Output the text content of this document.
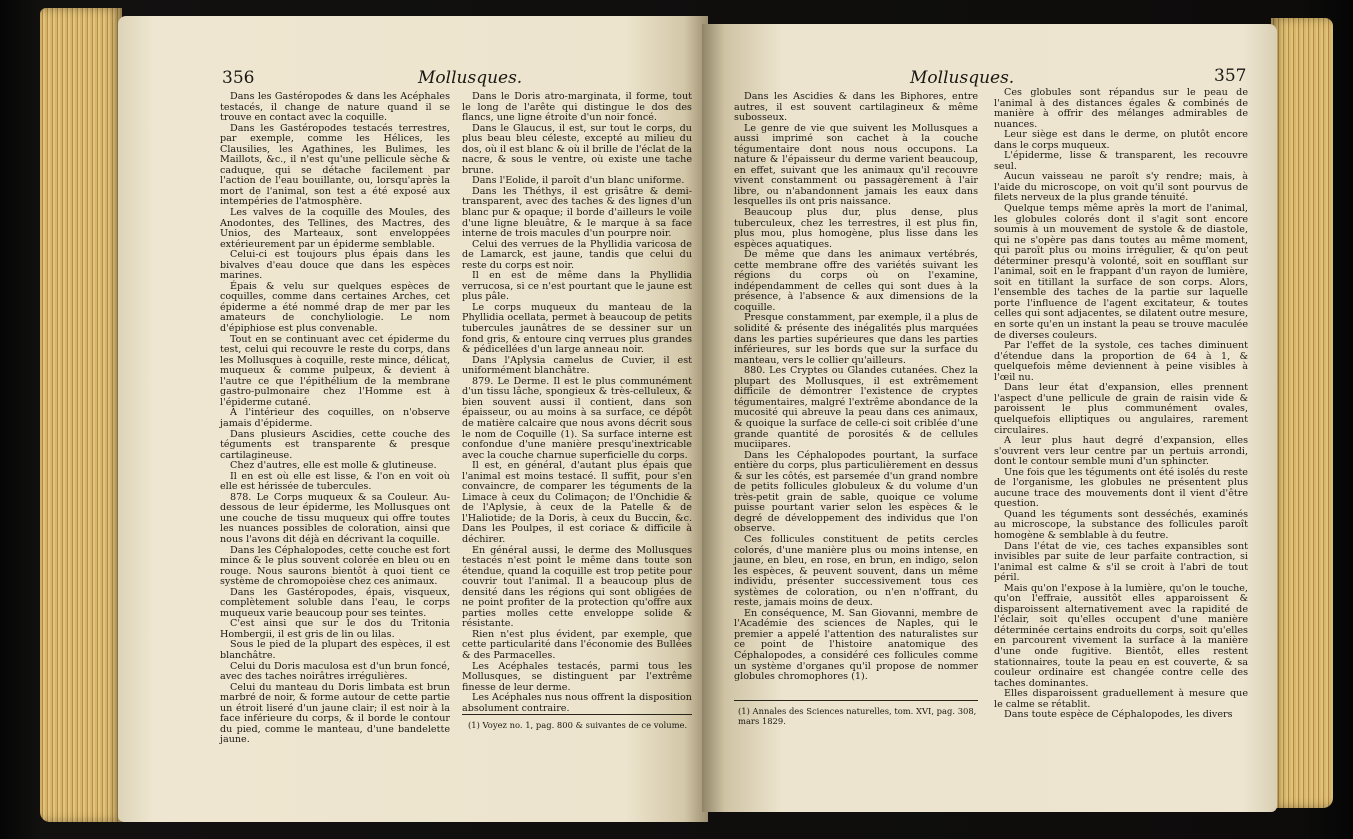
356	Mollusques.

Dans les Gastéropodes & dans les Acéphales testacés, il change de nature quand il se trouve en contact avec la coquille.

Dans les Gastéropodes testacés terrestres, par exemple, comme les Hélices, les Clausilies, les Agathines, les Bulimes, les Maillots, &c., il n'est qu'une pellicule sèche & caduque, qui se détache facilement par l'action de l'eau bouillante, ou, lorsqu'après la mort de l'animal, son test a été exposé aux intempéries de l'atmosphère.

Les valves de la coquille des Moules, des Anodontes, des Tellines, des Mactres, des Unios, des Marteaux, sont enveloppées extérieurement par un épiderme semblable.

Celui-ci est toujours plus épais dans les bivalves d'eau douce que dans les espèces marines.

Épais & velu sur quelques espèces de coquilles, comme dans certaines Arches, cet épiderme a été nommé drap de mer par les amateurs de conchyliologie. Le nom d'épiphiose est plus convenable.

Tout en se continuant avec cet épiderme du test, celui qui recouvre le reste du corps, dans les Mollusques à coquille, reste mince, délicat, muqueux & comme pulpeux, & devient à l'autre ce que l'épithélium de la membrane gastro-pulmonaire chez l'Homme est à l'épiderme cutané.

A l'intérieur des coquilles, on n'observe jamais d'épiderme.

Dans plusieurs Ascidies, cette couche des téguments est transparente & presque cartilagineuse.

Chez d'autres, elle est molle & glutineuse.

Il en est où elle est lisse, & l'on en voit où elle est hérissée de tubercules.

878. Le Corps muqueux & sa Couleur. Au-dessous de leur épiderme, les Mollusques ont une couche de tissu muqueux qui offre toutes les nuances possibles de coloration, ainsi que nous l'avons dit déjà en décrivant la coquille.

Dans les Céphalopodes, cette couche est fort mince & le plus souvent colorée en bleu ou en rouge. Nous saurons bientôt à quoi tient ce système de chromopoièse chez ces animaux.

Dans les Gastéropodes, épais, visqueux, complètement soluble dans l'eau, le corps muqueux varie beaucoup pour ses teintes.

C'est ainsi que sur le dos du Tritonia Hombergii, il est gris de lin ou lilas.

Sous le pied de la plupart des espèces, il est blanchâtre.

Celui du Doris maculosa est d'un brun foncé, avec des taches noirâtres irrégulières.

Celui du manteau du Doris limbata est brun marbré de noir, & forme autour de cette partie un étroit liseré d'un jaune clair; il est noir à la face inférieure du corps, & il borde le contour du pied, comme le manteau, d'une bandelette jaune.

Dans le Doris atro-marginata, il forme, tout le long de l'arête qui distingue le dos des flancs, une ligne étroite d'un noir foncé.

Dans le Glaucus, il est, sur tout le corps, du plus beau bleu céleste, excepté au milieu du dos, où il est blanc & où il brille de l'éclat de la nacre, & sous le ventre, où existe une tache brune.

Dans l'Eolide, il paroît d'un blanc uniforme.

Dans les Théthys, il est grisâtre & demi-transparent, avec des taches & des lignes d'un blanc pur & opaque; il borde d'ailleurs le voile d'une ligne bleuâtre, & le marque à sa face interne de trois macules d'un pourpre noir.

Celui des verrues de la Phyllidia varicosa de de Lamarck, est jaune, tandis que celui du reste du corps est noir.

Il en est de même dans la Phyllidia verrucosa, si ce n'est pourtant que le jaune est plus pâle.

Le corps muqueux du manteau de la Phyllidia ocellata, permet à beaucoup de petits tubercules jaunâtres de se dessiner sur un fond gris, & entoure cinq verrues plus grandes & pédicellées d'un large anneau noir.

Dans l'Aplysia camelus de Cuvier, il est uniformément blanchâtre.

879. Le Derme. Il est le plus communément d'un tissu lâche, spongieux & très-celluleux, & bien souvent aussi il contient, dans son épaisseur, ou au moins à sa surface, ce dépôt de matière calcaire que nous avons décrit sous le nom de Coquille (1). Sa surface interne est confondue d'une manière presqu'inextricable avec la couche charnue superficielle du corps.

Il est, en général, d'autant plus épais que l'animal est moins testacé. Il suffit, pour s'en convaincre, de comparer les téguments de la Limace à ceux du Colimaçon; de l'Onchidie & de l'Aplysie, à ceux de la Patelle & de l'Haliotide; de la Doris, à ceux du Buccin, &c. Dans les Poulpes, il est coriace & difficile à déchirer.

En général aussi, le derme des Mollusques testacés n'est point le même dans toute son étendue, quand la coquille est trop petite pour couvrir tout l'animal. Il a beaucoup plus de densité dans les régions qui sont obligées de ne point profiter de la protection qu'offre aux parties molles cette enveloppe solide & résistante.

Rien n'est plus évident, par exemple, que cette particularité dans l'économie des Bullées & des Parmacelles.

Les Acéphales testacés, parmi tous les Mollusques, se distinguent par l'extrême finesse de leur derme.

Les Acéphales nus nous offrent la disposition absolument contraire.

(1) Voyez no. 1, pag. 800 & suivantes de ce volume.
Mollusques.	357

Dans les Ascidies & dans les Biphores, entre autres, il est souvent cartilagineux & même subosseux.

Le genre de vie que suivent les Mollusques a aussi imprimé son cachet à la couche tégumentaire dont nous nous occupons. La nature & l'épaisseur du derme varient beaucoup, en effet, suivant que les animaux qu'il recouvre vivent constamment ou passagèrement à l'air libre, ou n'abandonnent jamais les eaux dans lesquelles ils ont pris naissance.

Beaucoup plus dur, plus dense, plus tuberculeux, chez les terrestres, il est plus fin, plus mou, plus homogène, plus lisse dans les espèces aquatiques.

De même que dans les animaux vertébrés, cette membrane offre des variétés suivant les régions du corps où on l'examine, indépendamment de celles qui sont dues à la présence, à l'absence & aux dimensions de la coquille.

Presque constamment, par exemple, il a plus de solidité & présente des inégalités plus marquées dans les parties supérieures que dans les parties inférieures, sur les bords que sur la surface du manteau, vers le collier qu'ailleurs.

880. Les Cryptes ou Glandes cutanées. Chez la plupart des Mollusques, il est extrêmement difficile de démontrer l'existence de cryptes tégumentaires, malgré l'extrême abondance de la mucosité qui abreuve la peau dans ces animaux, & quoique la surface de celle-ci soit criblée d'une grande quantité de porosités & de cellules muciipares.

Dans les Céphalopodes pourtant, la surface entière du corps, plus particulièrement en dessus & sur les côtés, est parsemée d'un grand nombre de petits follicules globuleux & du volume d'un très-petit grain de sable, quoique ce volume puisse pourtant varier selon les espèces & le degré de développement des individus que l'on observe.

Ces follicules constituent de petits cercles colorés, d'une manière plus ou moins intense, en jaune, en bleu, en rose, en brun, en indigo, selon les espèces, & peuvent souvent, dans un même individu, présenter successivement tous ces systèmes de coloration, ou n'en n'offrant, du reste, jamais moins de deux.

En conséquence, M. San Giovanni, membre de l'Académie des sciences de Naples, qui le premier a appelé l'attention des naturalistes sur ce point de l'histoire anatomique des Céphalopodes, a considéré ces follicules comme un système d'organes qu'il propose de nommer globules chromophores (1).

(1) Annales des Sciences naturelles, tom. XVI, pag. 308, mars 1829.

Ces globules sont répandus sur le peau de l'animal à des distances égales & combinés de manière à offrir des mélanges admirables de nuances.

Leur siège est dans le derme, on plutôt encore dans le corps muqueux.

L'épiderme, lisse & transparent, les recouvre seul.

Aucun vaisseau ne paroît s'y rendre; mais, à l'aide du microscope, on voit qu'il sont pourvus de filets nerveux de la plus grande ténuité.

Quelque temps même après la mort de l'animal, les globules colorés dont il s'agit sont encore soumis à un mouvement de systole & de diastole, qui ne s'opère pas dans toutes au même moment, qui paroît plus ou moins irrégulier, & qu'on peut déterminer presqu'à volonté, soit en soufflant sur l'animal, soit en le frappant d'un rayon de lumière, soit en titillant la surface de son corps. Alors, l'ensemble des taches de la partie sur laquelle porte l'influence de l'agent excitateur, & toutes celles qui sont adjacentes, se dilatent outre mesure, en sorte qu'en un instant la peau se trouve maculée de diverses couleurs.

Par l'effet de la systole, ces taches diminuent d'étendue dans la proportion de 64 à 1, & quelquefois même deviennent à peine visibles à l'œil nu.

Dans leur état d'expansion, elles prennent l'aspect d'une pellicule de grain de raisin vide & paroissent le plus communément ovales, quelquefois elliptiques ou angulaires, rarement circulaires.

A leur plus haut degré d'expansion, elles s'ouvrent vers leur centre par un pertuis arrondi, dont le contour semble muni d'un sphincter.

Une fois que les téguments ont été isolés du reste de l'organisme, les globules ne présentent plus aucune trace des mouvements dont il vient d'être question.

Quand les téguments sont desséchés, examinés au microscope, la substance des follicules paroît homogène & semblable à du feutre.

Dans l'état de vie, ces taches expansibles sont invisibles par suite de leur parfaite contraction, si l'animal est calme & s'il se croit à l'abri de tout péril.

Mais qu'on l'expose à la lumière, qu'on le touche, qu'on l'effraie, aussitôt elles apparoissent & disparoissent alternativement avec la rapidité de l'éclair, soit qu'elles occupent d'une manière déterminée certains endroits du corps, soit qu'elles en parcourent vivement la surface à la manière d'une onde fugitive. Bientôt, elles restent stationnaires, toute la peau en est couverte, & sa couleur ordinaire est changée contre celle des taches dominantes.

Elles disparoissent graduellement à mesure que le calme se rétablit.

Dans toute espèce de Céphalopodes, les divers
